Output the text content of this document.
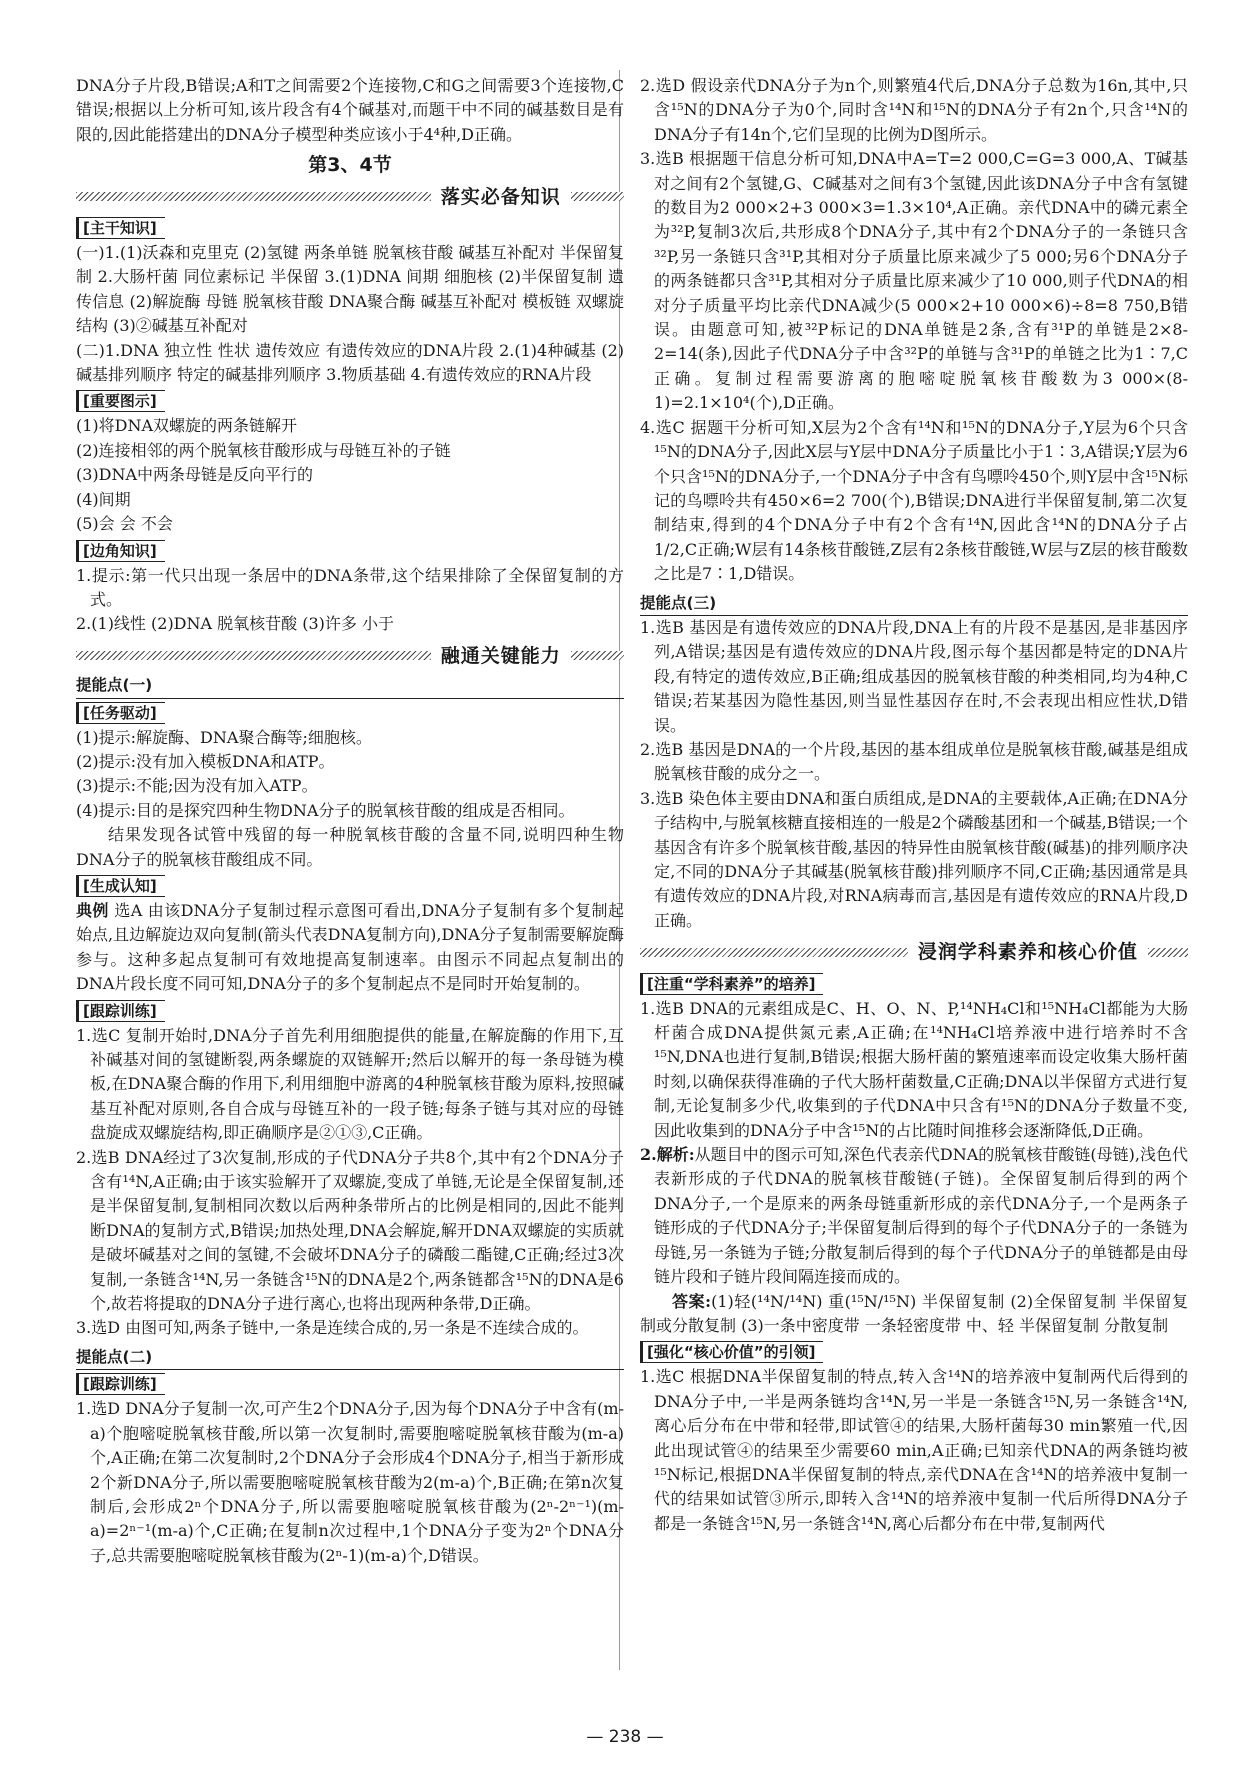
DNA分子片段,B错误;A和T之间需要2个连接物,C和G之间需要3个连接物,C错误;根据以上分析可知,该片段含有4个碱基对,而题干中不同的碱基数目是有限的,因此能搭建出的DNA分子模型种类应该小于4⁴种,D正确。

第3、4节
落实必备知识
[主干知识]

(一)1.(1)沃森和克里克 (2)氢键 两条单链 脱氧核苷酸 碱基互补配对 半保留复制 2.大肠杆菌 同位素标记 半保留 3.(1)DNA 间期 细胞核 (2)半保留复制 遗传信息 (2)解旋酶 母链 脱氧核苷酸 DNA聚合酶 碱基互补配对 模板链 双螺旋结构 (3)②碱基互补配对

(二)1.DNA 独立性 性状 遗传效应 有遗传效应的DNA片段 2.(1)4种碱基 (2)碱基排列顺序 特定的碱基排列顺序 3.物质基础 4.有遗传效应的RNA片段

[重要图示]

(1)将DNA双螺旋的两条链解开

(2)连接相邻的两个脱氧核苷酸形成与母链互补的子链

(3)DNA中两条母链是反向平行的

(4)间期

(5)会 会 不会

[边角知识]

1.提示:第一代只出现一条居中的DNA条带,这个结果排除了全保留复制的方式。

2.(1)线性 (2)DNA 脱氧核苷酸 (3)许多 小于

融通关键能力
提能点(一)
[任务驱动]

(1)提示:解旋酶、DNA聚合酶等;细胞核。

(2)提示:没有加入模板DNA和ATP。

(3)提示:不能;因为没有加入ATP。

(4)提示:目的是探究四种生物DNA分子的脱氧核苷酸的组成是否相同。

结果发现各试管中残留的每一种脱氧核苷酸的含量不同,说明四种生物DNA分子的脱氧核苷酸组成不同。

[生成认知]

典例 选A 由该DNA分子复制过程示意图可看出,DNA分子复制有多个复制起始点,且边解旋边双向复制(箭头代表DNA复制方向),DNA分子复制需要解旋酶参与。这种多起点复制可有效地提高复制速率。由图示不同起点复制出的DNA片段长度不同可知,DNA分子的多个复制起点不是同时开始复制的。

[跟踪训练]

1.选C 复制开始时,DNA分子首先利用细胞提供的能量,在解旋酶的作用下,互补碱基对间的氢键断裂,两条螺旋的双链解开;然后以解开的每一条母链为模板,在DNA聚合酶的作用下,利用细胞中游离的4种脱氧核苷酸为原料,按照碱基互补配对原则,各自合成与母链互补的一段子链;每条子链与其对应的母链盘旋成双螺旋结构,即正确顺序是②①③,C正确。

2.选B DNA经过了3次复制,形成的子代DNA分子共8个,其中有2个DNA分子含有¹⁴N,A正确;由于该实验解开了双螺旋,变成了单链,无论是全保留复制,还是半保留复制,复制相同次数以后两种条带所占的比例是相同的,因此不能判断DNA的复制方式,B错误;加热处理,DNA会解旋,解开DNA双螺旋的实质就是破坏碱基对之间的氢键,不会破坏DNA分子的磷酸二酯键,C正确;经过3次复制,一条链含¹⁴N,另一条链含¹⁵N的DNA是2个,两条链都含¹⁵N的DNA是6个,故若将提取的DNA分子进行离心,也将出现两种条带,D正确。

3.选D 由图可知,两条子链中,一条是连续合成的,另一条是不连续合成的。

提能点(二)
[跟踪训练]

1.选D DNA分子复制一次,可产生2个DNA分子,因为每个DNA分子中含有(m-a)个胞嘧啶脱氧核苷酸,所以第一次复制时,需要胞嘧啶脱氧核苷酸为(m-a)个,A正确;在第二次复制时,2个DNA分子会形成4个DNA分子,相当于新形成2个新DNA分子,所以需要胞嘧啶脱氧核苷酸为2(m-a)个,B正确;在第n次复制后,会形成2ⁿ个DNA分子,所以需要胞嘧啶脱氧核苷酸为(2ⁿ-2ⁿ⁻¹)(m-a)=2ⁿ⁻¹(m-a)个,C正确;在复制n次过程中,1个DNA分子变为2ⁿ个DNA分子,总共需要胞嘧啶脱氧核苷酸为(2ⁿ-1)(m-a)个,D错误。

2.选D 假设亲代DNA分子为n个,则繁殖4代后,DNA分子总数为16n,其中,只含¹⁵N的DNA分子为0个,同时含¹⁴N和¹⁵N的DNA分子有2n个,只含¹⁴N的DNA分子有14n个,它们呈现的比例为D图所示。

3.选B 根据题干信息分析可知,DNA中A=T=2 000,C=G=3 000,A、T碱基对之间有2个氢键,G、C碱基对之间有3个氢键,因此该DNA分子中含有氢键的数目为2 000×2+3 000×3=1.3×10⁴,A正确。亲代DNA中的磷元素全为³²P,复制3次后,共形成8个DNA分子,其中有2个DNA分子的一条链只含³²P,另一条链只含³¹P,其相对分子质量比原来减少了5 000;另6个DNA分子的两条链都只含³¹P,其相对分子质量比原来减少了10 000,则子代DNA的相对分子质量平均比亲代DNA减少(5 000×2+10 000×6)÷8=8 750,B错误。由题意可知,被³²P标记的DNA单链是2条,含有³¹P的单链是2×8-2=14(条),因此子代DNA分子中含³²P的单链与含³¹P的单链之比为1∶7,C正确。复制过程需要游离的胞嘧啶脱氧核苷酸数为3 000×(8-1)=2.1×10⁴(个),D正确。

4.选C 据题干分析可知,X层为2个含有¹⁴N和¹⁵N的DNA分子,Y层为6个只含¹⁵N的DNA分子,因此X层与Y层中DNA分子质量比小于1∶3,A错误;Y层为6个只含¹⁵N的DNA分子,一个DNA分子中含有鸟嘌呤450个,则Y层中含¹⁵N标记的鸟嘌呤共有450×6=2 700(个),B错误;DNA进行半保留复制,第二次复制结束,得到的4个DNA分子中有2个含有¹⁴N,因此含¹⁴N的DNA分子占1/2,C正确;W层有14条核苷酸链,Z层有2条核苷酸链,W层与Z层的核苷酸数之比是7∶1,D错误。

提能点(三)

1.选B 基因是有遗传效应的DNA片段,DNA上有的片段不是基因,是非基因序列,A错误;基因是有遗传效应的DNA片段,图示每个基因都是特定的DNA片段,有特定的遗传效应,B正确;组成基因的脱氧核苷酸的种类相同,均为4种,C错误;若某基因为隐性基因,则当显性基因存在时,不会表现出相应性状,D错误。

2.选B 基因是DNA的一个片段,基因的基本组成单位是脱氧核苷酸,碱基是组成脱氧核苷酸的成分之一。

3.选B 染色体主要由DNA和蛋白质组成,是DNA的主要载体,A正确;在DNA分子结构中,与脱氧核糖直接相连的一般是2个磷酸基团和一个碱基,B错误;一个基因含有许多个脱氧核苷酸,基因的特异性由脱氧核苷酸(碱基)的排列顺序决定,不同的DNA分子其碱基(脱氧核苷酸)排列顺序不同,C正确;基因通常是具有遗传效应的DNA片段,对RNA病毒而言,基因是有遗传效应的RNA片段,D正确。

浸润学科素养和核心价值
[注重“学科素养”的培养]

1.选B DNA的元素组成是C、H、O、N、P,¹⁴NH₄Cl和¹⁵NH₄Cl都能为大肠杆菌合成DNA提供氮元素,A正确;在¹⁴NH₄Cl培养液中进行培养时不含¹⁵N,DNA也进行复制,B错误;根据大肠杆菌的繁殖速率而设定收集大肠杆菌时刻,以确保获得准确的子代大肠杆菌数量,C正确;DNA以半保留方式进行复制,无论复制多少代,收集到的子代DNA中只含有¹⁵N的DNA分子数量不变,因此收集到的DNA分子中含¹⁵N的占比随时间推移会逐渐降低,D正确。

2.解析:从题目中的图示可知,深色代表亲代DNA的脱氧核苷酸链(母链),浅色代表新形成的子代DNA的脱氧核苷酸链(子链)。全保留复制后得到的两个DNA分子,一个是原来的两条母链重新形成的亲代DNA分子,一个是两条子链形成的子代DNA分子;半保留复制后得到的每个子代DNA分子的一条链为母链,另一条链为子链;分散复制后得到的每个子代DNA分子的单链都是由母链片段和子链片段间隔连接而成的。

答案:(1)轻(¹⁴N/¹⁴N) 重(¹⁵N/¹⁵N) 半保留复制 (2)全保留复制 半保留复制或分散复制 (3)一条中密度带 一条轻密度带 中、轻 半保留复制 分散复制

[强化“核心价值”的引领]

1.选C 根据DNA半保留复制的特点,转入含¹⁴N的培养液中复制两代后得到的DNA分子中,一半是两条链均含¹⁴N,另一半是一条链含¹⁵N,另一条链含¹⁴N,离心后分布在中带和轻带,即试管④的结果,大肠杆菌每30 min繁殖一代,因此出现试管④的结果至少需要60 min,A正确;已知亲代DNA的两条链均被¹⁵N标记,根据DNA半保留复制的特点,亲代DNA在含¹⁴N的培养液中复制一代的结果如试管③所示,即转入含¹⁴N的培养液中复制一代后所得DNA分子都是一条链含¹⁵N,另一条链含¹⁴N,离心后都分布在中带,复制两代

— 238 —
